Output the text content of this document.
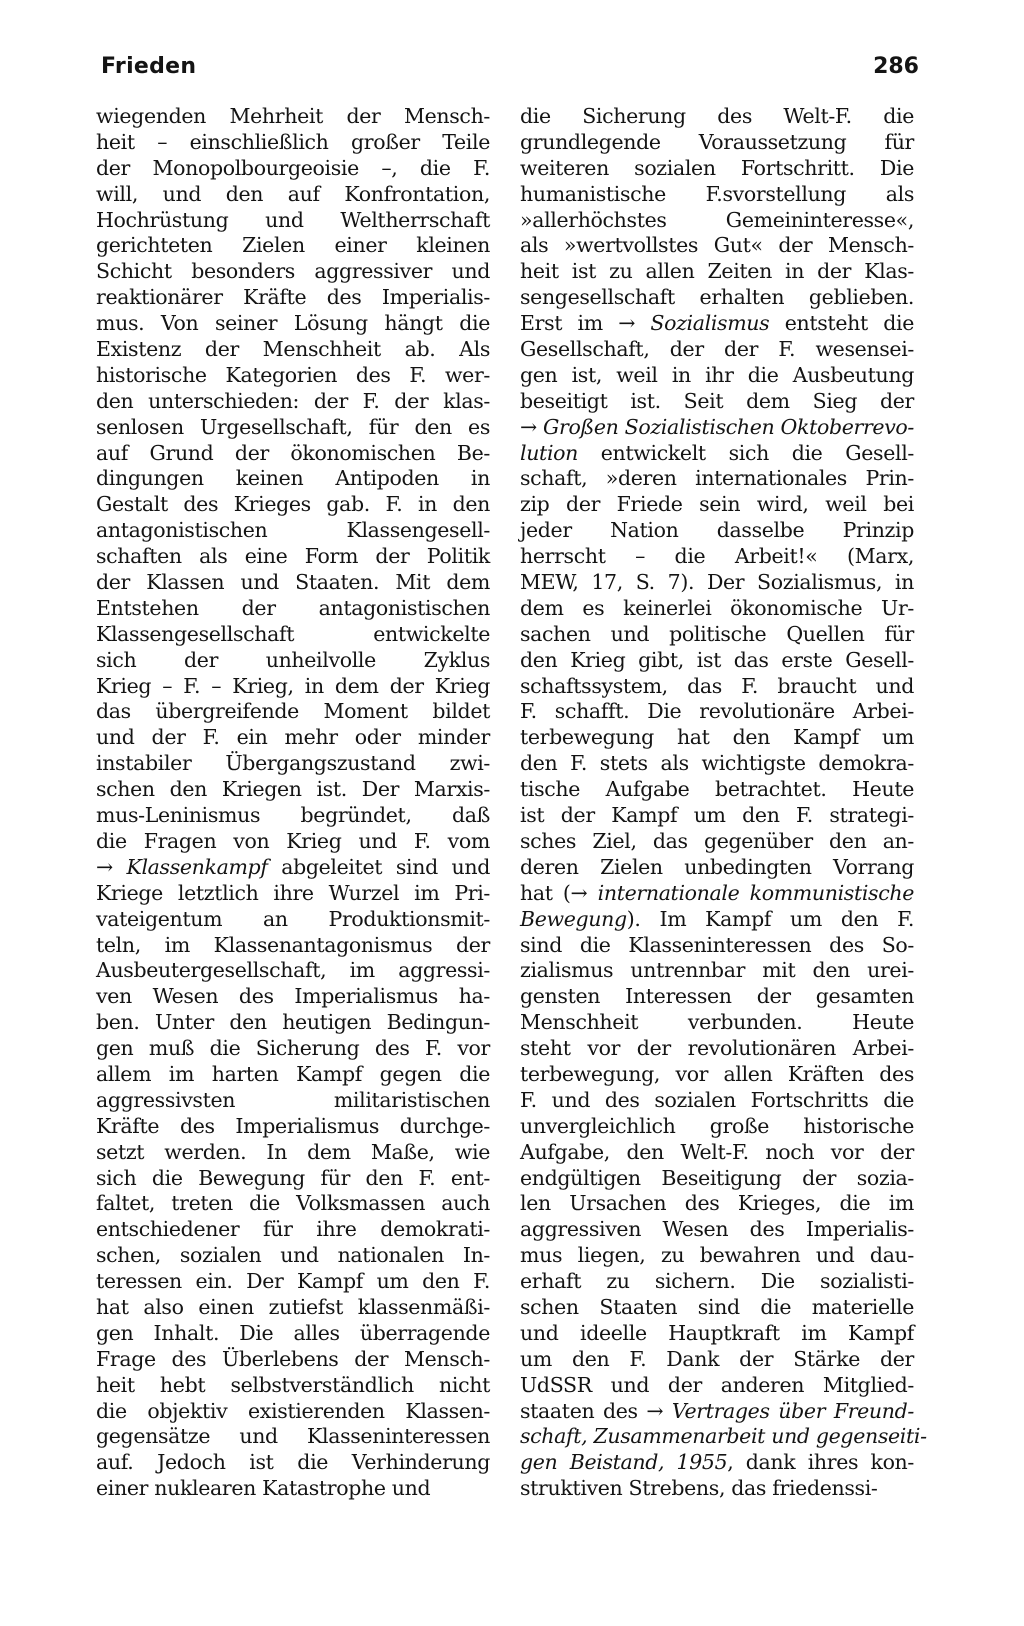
Frieden	286
wiegenden Mehrheit der Mensch-
heit – einschließlich großer Teile
der Monopolbourgeoisie –, die F.
will, und den auf Konfrontation,
Hochrüstung und Weltherrschaft
gerichteten Zielen einer kleinen
Schicht besonders aggressiver und
reaktionärer Kräfte des Imperialis-
mus. Von seiner Lösung hängt die
Existenz der Menschheit ab. Als
historische Kategorien des F. wer-
den unterschieden: der F. der klas-
senlosen Urgesellschaft, für den es
auf Grund der ökonomischen Be-
dingungen keinen Antipoden in
Gestalt des Krieges gab. F. in den
antagonistischen Klassengesell-
schaften als eine Form der Politik
der Klassen und Staaten. Mit dem
Entstehen der antagonistischen
Klassengesellschaft entwickelte
sich der unheilvolle Zyklus
Krieg – F. – Krieg, in dem der Krieg
das übergreifende Moment bildet
und der F. ein mehr oder minder
instabiler Übergangszustand zwi-
schen den Kriegen ist. Der Marxis-
mus-Leninismus begründet, daß
die Fragen von Krieg und F. vom
→ Klassenkampf abgeleitet sind und
Kriege letztlich ihre Wurzel im Pri-
vateigentum an Produktionsmit-
teln, im Klassenantagonismus der
Ausbeutergesellschaft, im aggressi-
ven Wesen des Imperialismus ha-
ben. Unter den heutigen Bedingun-
gen muß die Sicherung des F. vor
allem im harten Kampf gegen die
aggressivsten militaristischen
Kräfte des Imperialismus durchge-
setzt werden. In dem Maße, wie
sich die Bewegung für den F. ent-
faltet, treten die Volksmassen auch
entschiedener für ihre demokrati-
schen, sozialen und nationalen In-
teressen ein. Der Kampf um den F.
hat also einen zutiefst klassenmäßi-
gen Inhalt. Die alles überragende
Frage des Überlebens der Mensch-
heit hebt selbstverständlich nicht
die objektiv existierenden Klassen-
gegensätze und Klasseninteressen
auf. Jedoch ist die Verhinderung
einer nuklearen Katastrophe und
die Sicherung des Welt-F. die
grundlegende Voraussetzung für
weiteren sozialen Fortschritt. Die
humanistische F.svorstellung als
»allerhöchstes Gemeininteresse«,
als »wertvollstes Gut« der Mensch-
heit ist zu allen Zeiten in der Klas-
sengesellschaft erhalten geblieben.
Erst im → Sozialismus entsteht die
Gesellschaft, der der F. wesensei-
gen ist, weil in ihr die Ausbeutung
beseitigt ist. Seit dem Sieg der
→ Großen Sozialistischen Oktoberrevo-
lution entwickelt sich die Gesell-
schaft, »deren internationales Prin-
zip der Friede sein wird, weil bei
jeder Nation dasselbe Prinzip
herrscht – die Arbeit!« (Marx,
MEW, 17, S. 7). Der Sozialismus, in
dem es keinerlei ökonomische Ur-
sachen und politische Quellen für
den Krieg gibt, ist das erste Gesell-
schaftssystem, das F. braucht und
F. schafft. Die revolutionäre Arbei-
terbewegung hat den Kampf um
den F. stets als wichtigste demokra-
tische Aufgabe betrachtet. Heute
ist der Kampf um den F. strategi-
sches Ziel, das gegenüber den an-
deren Zielen unbedingten Vorrang
hat (→ internationale kommunistische
Bewegung). Im Kampf um den F.
sind die Klasseninteressen des So-
zialismus untrennbar mit den urei-
gensten Interessen der gesamten
Menschheit verbunden. Heute
steht vor der revolutionären Arbei-
terbewegung, vor allen Kräften des
F. und des sozialen Fortschritts die
unvergleichlich große historische
Aufgabe, den Welt-F. noch vor der
endgültigen Beseitigung der sozia-
len Ursachen des Krieges, die im
aggressiven Wesen des Imperialis-
mus liegen, zu bewahren und dau-
erhaft zu sichern. Die sozialisti-
schen Staaten sind die materielle
und ideelle Hauptkraft im Kampf
um den F. Dank der Stärke der
UdSSR und der anderen Mitglied-
staaten des → Vertrages über Freund-
schaft, Zusammenarbeit und gegenseiti-
gen Beistand, 1955, dank ihres kon-
struktiven Strebens, das friedenssi-
